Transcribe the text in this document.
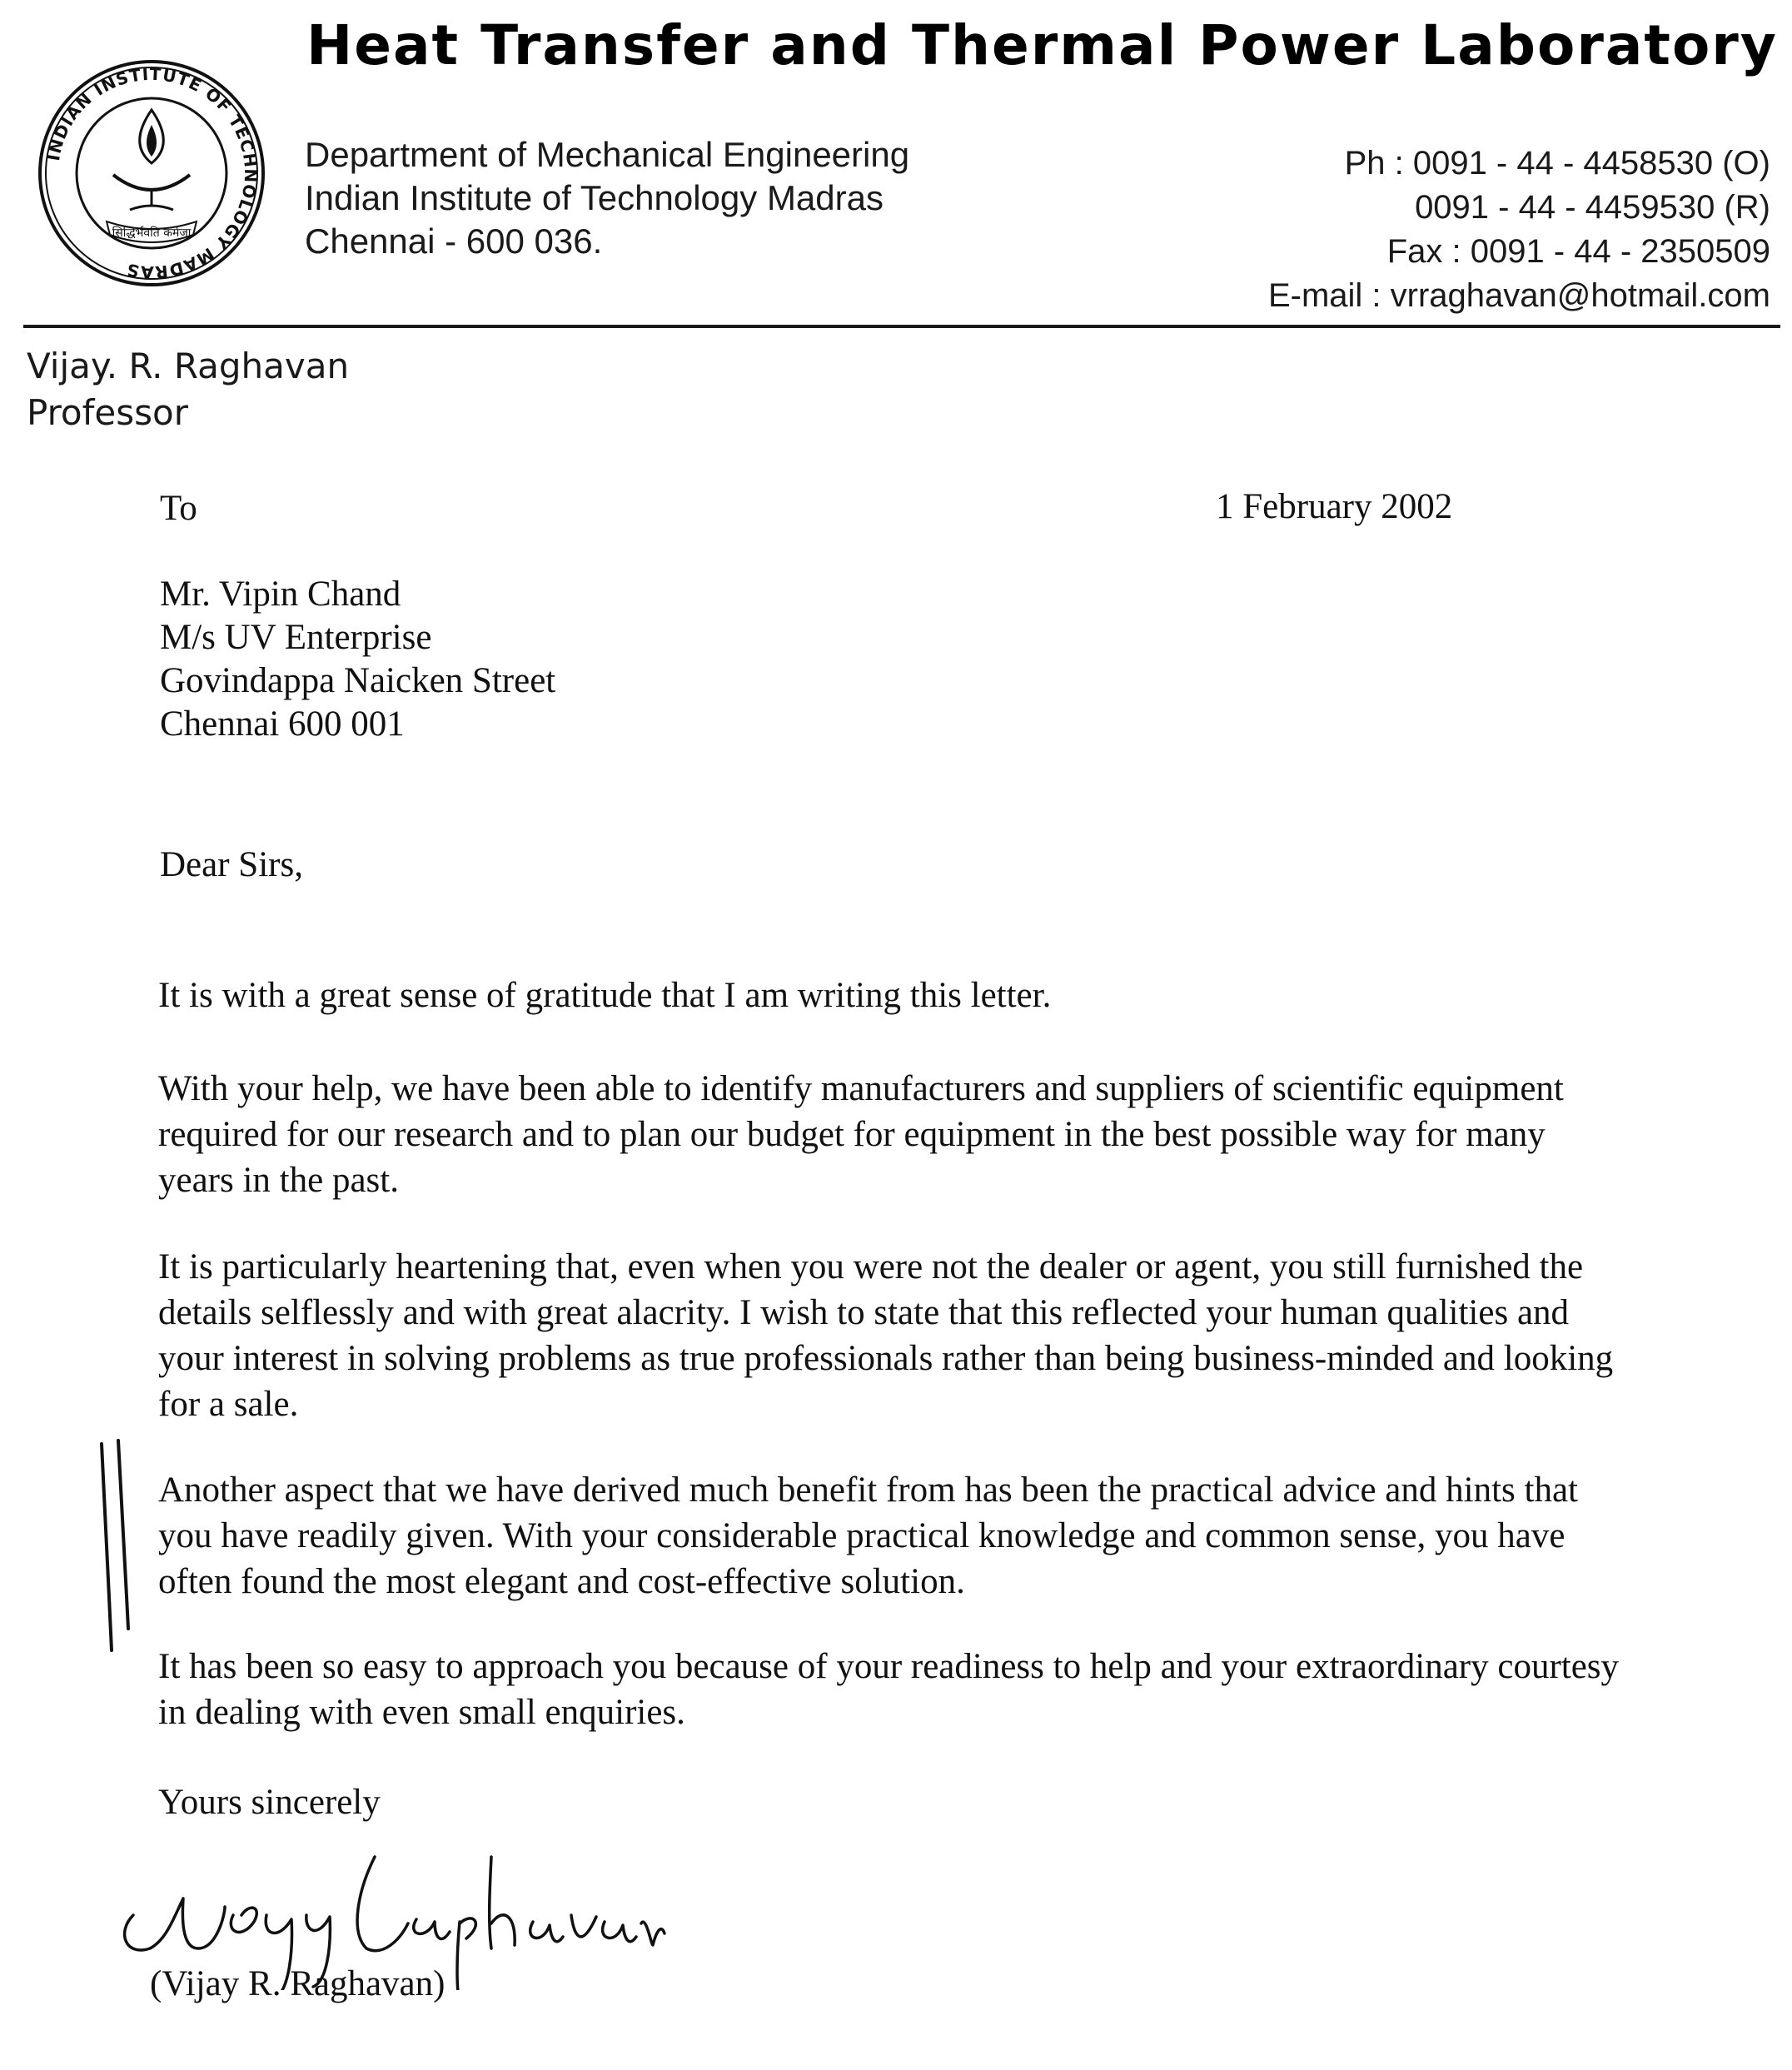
INDIAN INSTITUTE OF TECHNOLOGY MADRAS
सिद्धिर्भवति कर्मजा
Heat Transfer and Thermal Power Laboratory
Department of Mechanical Engineering
Indian Institute of Technology Madras
Chennai - 600 036.
Ph : 0091 - 44 - 4458530 (O)
0091 - 44 - 4459530 (R)
Fax : 0091 - 44 - 2350509
E-mail : vrraghavan@hotmail.com
Vijay. R. Raghavan
Professor

To	1 February 2002

Mr. Vipin Chand
M/s UV Enterprise
Govindappa Naicken Street
Chennai 600 001

Dear Sirs,

It is with a great sense of gratitude that I am writing this letter.

With your help, we have been able to identify manufacturers and suppliers of scientific equipment required for our research and to plan our budget for equipment in the best possible way for many years in the past.

It is particularly heartening that, even when you were not the dealer or agent, you still furnished the details selflessly and with great alacrity. I wish to state that this reflected your human qualities and your interest in solving problems as true professionals rather than being business-minded and looking for a sale.

Another aspect that we have derived much benefit from has been the practical advice and hints that you have readily given. With your considerable practical knowledge and common sense, you have often found the most elegant and cost-effective solution.

It has been so easy to approach you because of your readiness to help and your extraordinary courtesy in dealing with even small enquiries.

Yours sincerely

(Vijay R. Raghavan)
